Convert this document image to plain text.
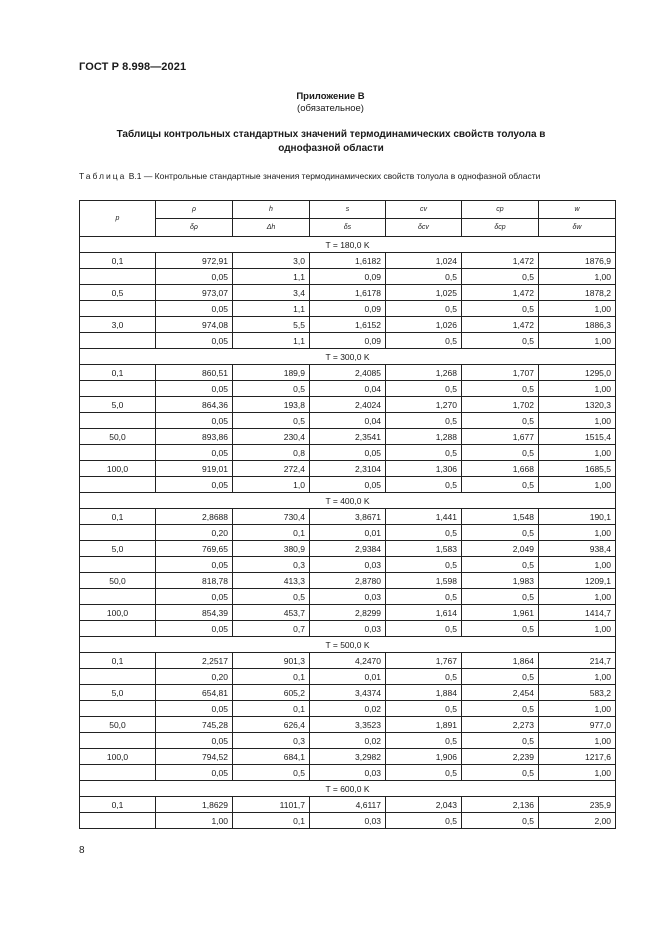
ГОСТ Р 8.998—2021
Приложение В
(обязательное)
Таблицы контрольных стандартных значений термодинамических свойств толуола в однофазной области
Таблица В.1 — Контрольные стандартные значения термодинамических свойств толуола в однофазной области
p	ρ	h	s	cv	cp	w
	δρ	Δh	δs	δcv	δcp	δw
T = 180,0 K						
0,1	972,91	3,0	1,6182	1,024	1,472	1876,9
	0,05	1,1	0,09	0,5	0,5	1,00
0,5	973,07	3,4	1,6178	1,025	1,472	1878,2
	0,05	1,1	0,09	0,5	0,5	1,00
3,0	974,08	5,5	1,6152	1,026	1,472	1886,3
	0,05	1,1	0,09	0,5	0,5	1,00
T = 300,0 K						
0,1	860,51	189,9	2,4085	1,268	1,707	1295,0
	0,05	0,5	0,04	0,5	0,5	1,00
5,0	864,36	193,8	2,4024	1,270	1,702	1320,3
	0,05	0,5	0,04	0,5	0,5	1,00
50,0	893,86	230,4	2,3541	1,288	1,677	1515,4
	0,05	0,8	0,05	0,5	0,5	1,00
100,0	919,01	272,4	2,3104	1,306	1,668	1685,5
	0,05	1,0	0,05	0,5	0,5	1,00
T = 400,0 K						
0,1	2,8688	730,4	3,8671	1,441	1,548	190,1
	0,20	0,1	0,01	0,5	0,5	1,00
5,0	769,65	380,9	2,9384	1,583	2,049	938,4
	0,05	0,3	0,03	0,5	0,5	1,00
50,0	818,78	413,3	2,8780	1,598	1,983	1209,1
	0,05	0,5	0,03	0,5	0,5	1,00
100,0	854,39	453,7	2,8299	1,614	1,961	1414,7
	0,05	0,7	0,03	0,5	0,5	1,00
T = 500,0 K						
0,1	2,2517	901,3	4,2470	1,767	1,864	214,7
	0,20	0,1	0,01	0,5	0,5	1,00
5,0	654,81	605,2	3,4374	1,884	2,454	583,2
	0,05	0,1	0,02	0,5	0,5	1,00
50,0	745,28	626,4	3,3523	1,891	2,273	977,0
	0,05	0,3	0,02	0,5	0,5	1,00
100,0	794,52	684,1	3,2982	1,906	2,239	1217,6
	0,05	0,5	0,03	0,5	0,5	1,00
T = 600,0 K						
0,1	1,8629	1101,7	4,6117	2,043	2,136	235,9
	1,00	0,1	0,03	0,5	0,5	2,00
8
